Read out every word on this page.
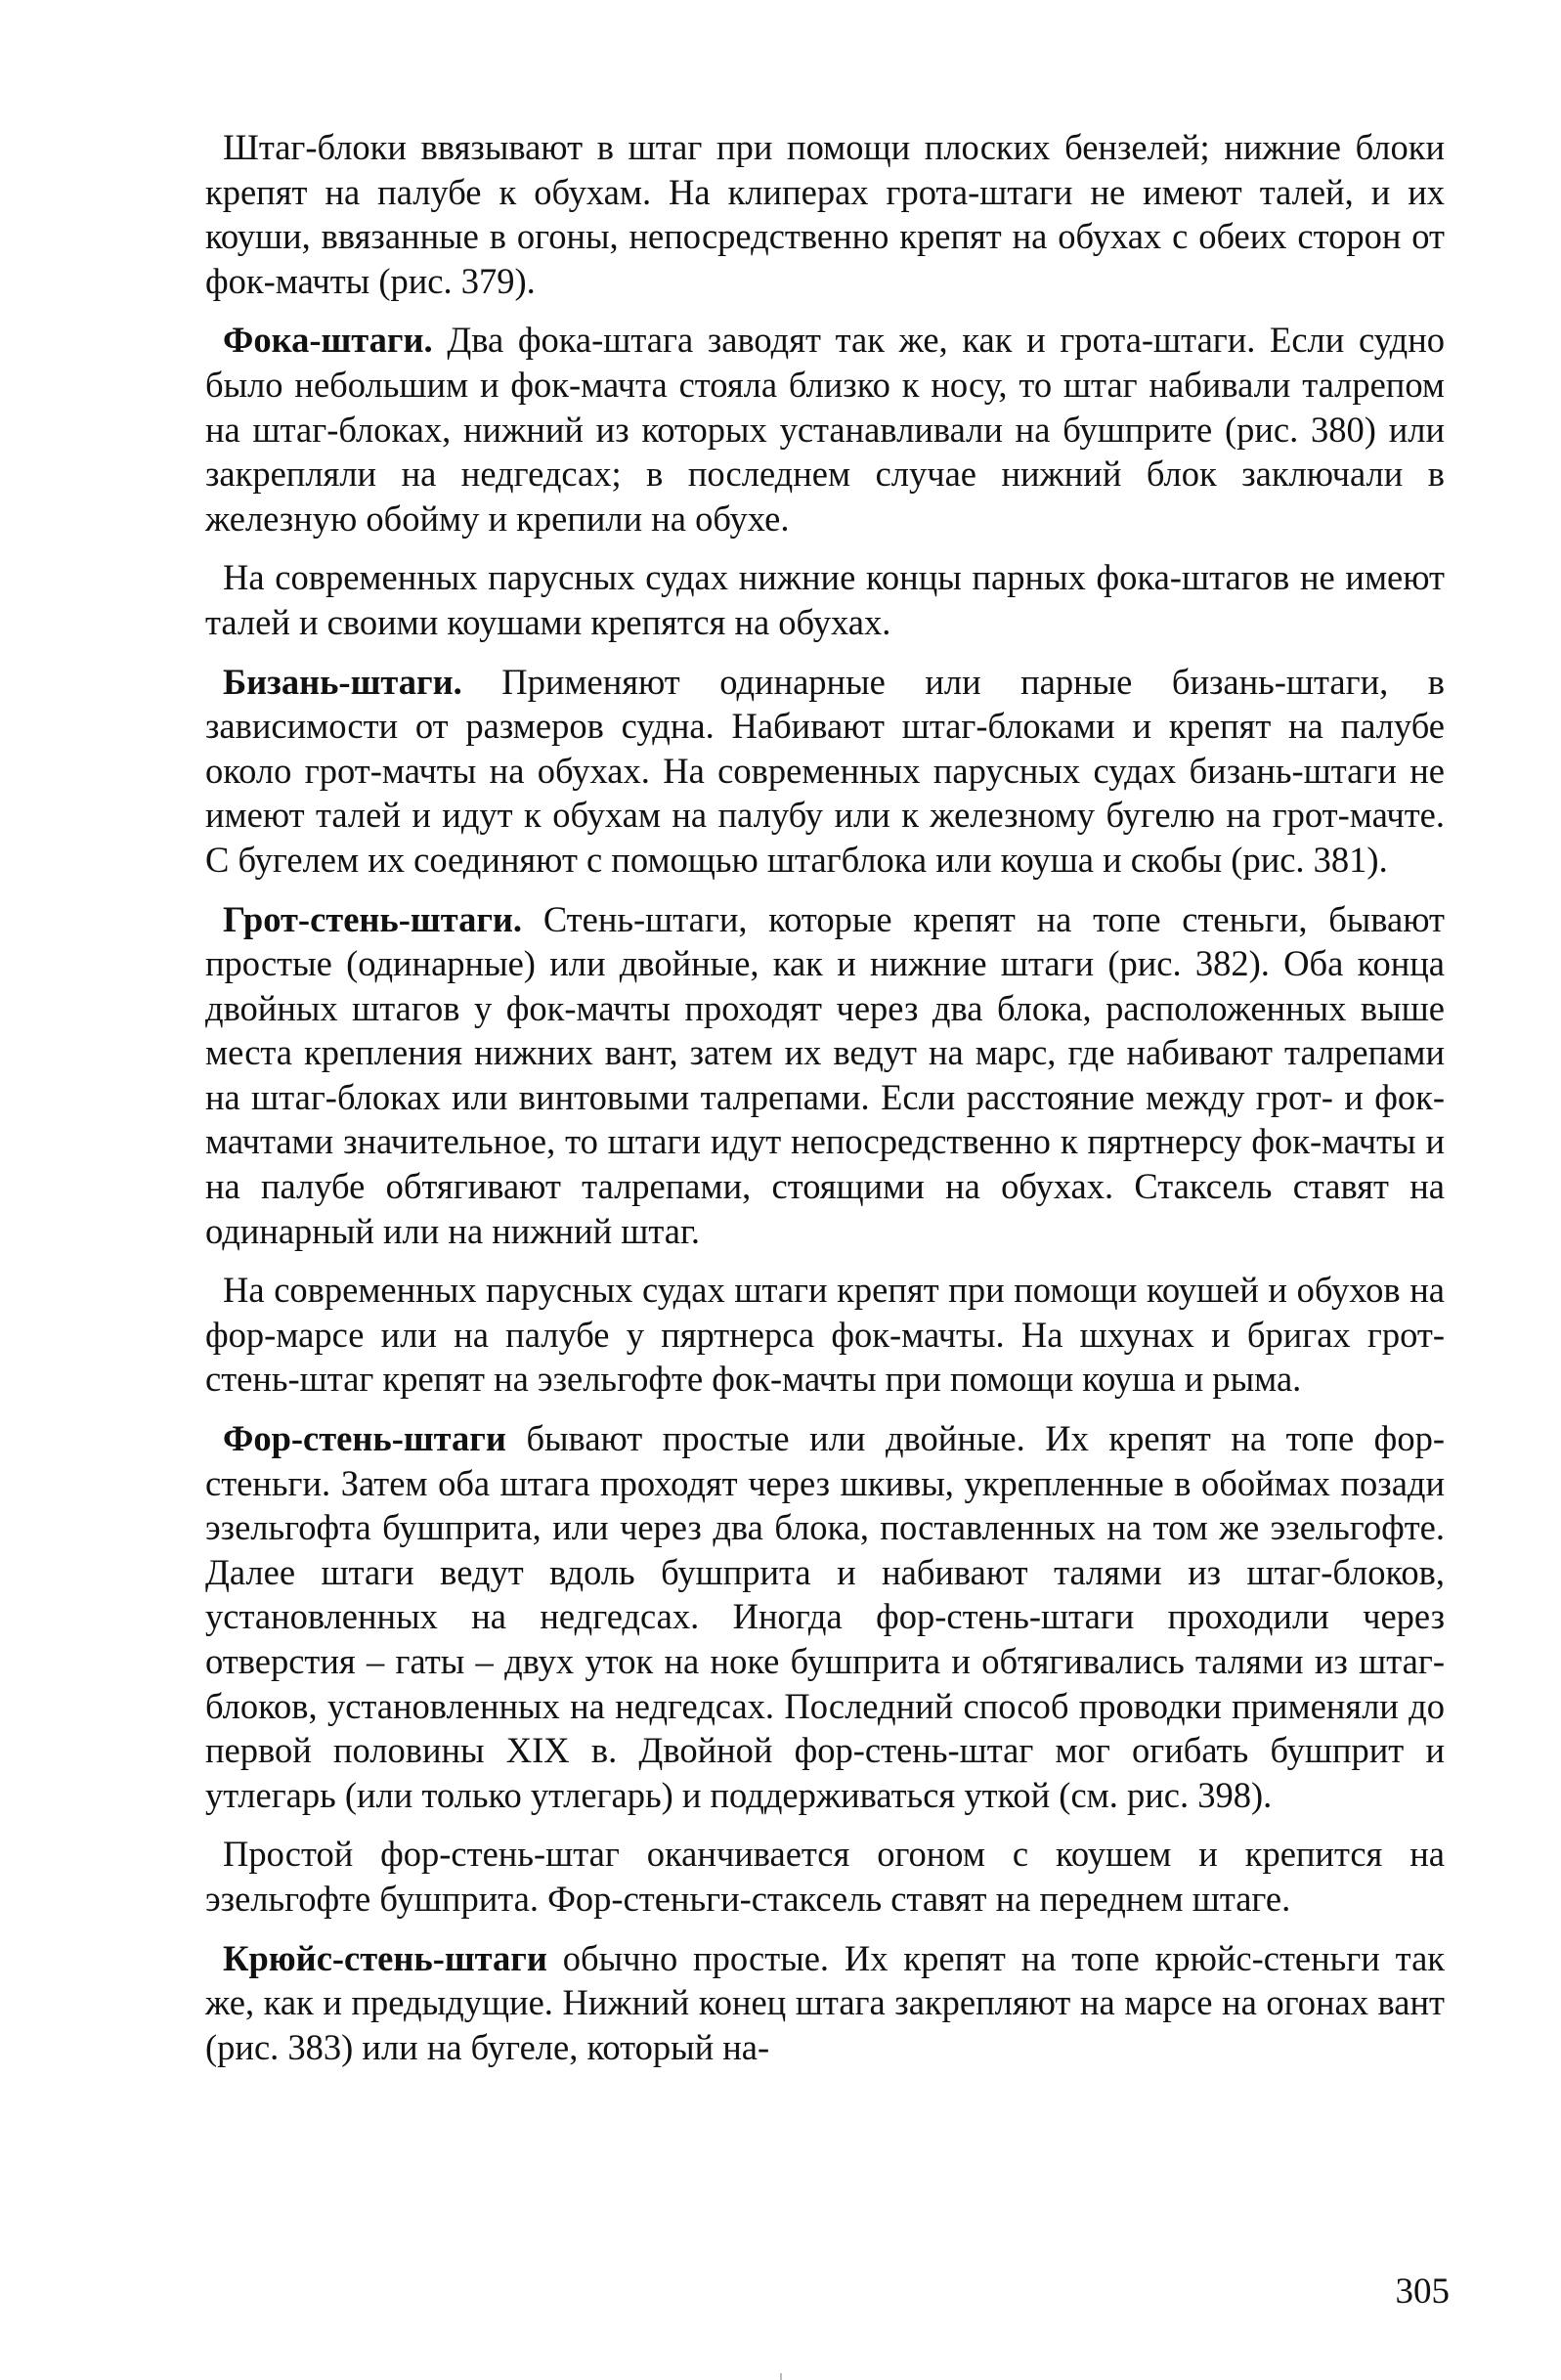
Штаг-блоки ввязывают в штаг при помощи плоских бензелей; нижние блоки крепят на палубе к обухам. На клиперах грота-штаги не имеют талей, и их коуши, ввязанные в огоны, непосредственно крепят на обухах с обеих сторон от фок-мачты (рис. 379).

Фока-штаги. Два фока-штага заводят так же, как и грота-штаги. Если судно было небольшим и фок-мачта стояла близко к носу, то штаг набивали талрепом на штаг-блоках, нижний из которых устанавливали на бушприте (рис. 380) или закрепляли на недгедсах; в последнем случае нижний блок заключали в железную обойму и крепили на обухе.

На современных парусных судах нижние концы парных фока-штагов не имеют талей и своими коушами крепятся на обухах.

Бизань-штаги. Применяют одинарные или парные бизань-штаги, в зависимости от размеров судна. Набивают штаг-блоками и крепят на палубе около грот-мачты на обухах. На современных парусных судах бизань-штаги не имеют талей и идут к обухам на палубу или к железному бугелю на грот-мачте. С бугелем их соединяют с помощью штагблока или коуша и скобы (рис. 381).

Грот-стень-штаги. Стень-штаги, которые крепят на топе стеньги, бывают простые (одинарные) или двойные, как и нижние штаги (рис. 382). Оба конца двойных штагов у фок-мачты проходят через два блока, расположенных выше места крепления нижних вант, затем их ведут на марс, где набивают талрепами на штаг-блоках или винтовыми талрепами. Если расстояние между грот- и фок-мачтами значительное, то штаги идут непосредственно к пяртнерсу фок-мачты и на палубе обтягивают талрепами, стоящими на обухах. Стаксель ставят на одинарный или на нижний штаг.

На современных парусных судах штаги крепят при помощи коушей и обухов на фор-марсе или на палубе у пяртнерса фок-мачты. На шхунах и бригах грот-стень-штаг крепят на эзельгофте фок-мачты при помощи коуша и рыма.

Фор-стень-штаги бывают простые или двойные. Их крепят на топе фор-стеньги. Затем оба штага проходят через шкивы, укрепленные в обоймах позади эзельгофта бушприта, или через два блока, поставленных на том же эзельгофте. Далее штаги ведут вдоль бушприта и набивают талями из штаг-блоков, установленных на недгедсах. Иногда фор-стень-штаги проходили через отверстия – гаты – двух уток на ноке бушприта и обтягивались талями из штаг-блоков, установленных на недгедсах. Последний способ проводки применяли до первой половины XIX в. Двойной фор-стень-штаг мог огибать бушприт и утлегарь (или только утлегарь) и поддерживаться уткой (см. рис. 398).

Простой фор-стень-штаг оканчивается огоном с коушем и крепится на эзельгофте бушприта. Фор-стеньги-стаксель ставят на переднем штаге.

Крюйс-стень-штаги обычно простые. Их крепят на топе крюйс-стеньги так же, как и предыдущие. Нижний конец штага закрепляют на марсе на огонах вант (рис. 383) или на бугеле, который на-

305
